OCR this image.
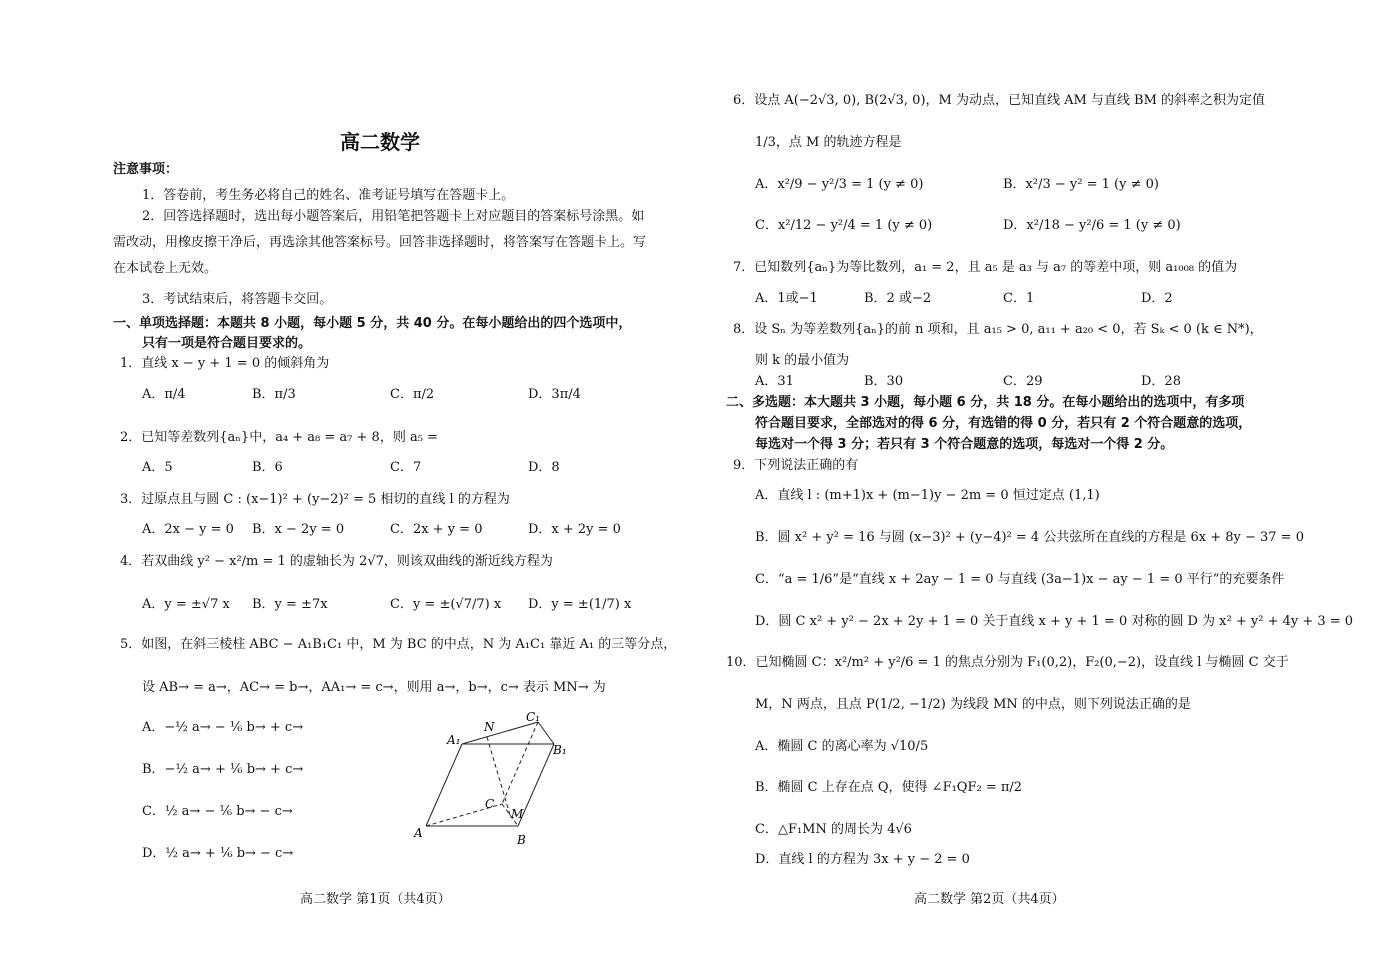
高二数学
注意事项：
1．答卷前，考生务必将自己的姓名、准考证号填写在答题卡上。
2．回答选择题时，选出每小题答案后，用铅笔把答题卡上对应题目的答案标号涂黑。如需改动，用橡皮擦干净后，再选涂其他答案标号。回答非选择题时，将答案写在答题卡上。写在本试卷上无效。
3．考试结束后，将答题卡交回。
一、单项选择题：本题共 8 小题，每小题 5 分，共 40 分。在每小题给出的四个选项中，
只有一项是符合题目要求的。
1．直线 x − y + 1 = 0 的倾斜角为
A．π/4	B．π/3	C．π/2	D．3π/4
2．已知等差数列{aₙ}中，a₄ + a₈ = a₇ + 8，则 a₅ =
A．5	B．6	C．7	D．8
3．过原点且与圆 C : (x−1)² + (y−2)² = 5 相切的直线 l 的方程为
A．2x − y = 0 B．x − 2y = 0	C．2x + y = 0	D．x + 2y = 0
4．若双曲线 y² − x²/m = 1 的虚轴长为 2√7，则该双曲线的渐近线方程为
A．y = ±√7 x B．y = ±7x	C．y = ±(√7/7) x D．y = ±(1/7) x
5．如图，在斜三棱柱 ABC − A₁B₁C₁ 中，M 为 BC 的中点，N 为 A₁C₁ 靠近 A₁ 的三等分点，
设 AB→ = a→，AC→ = b→，AA₁→ = c→，则用 a→，b→，c→ 表示 MN→ 为
A．−½ a→ − ⅙ b→ + c→
B．−½ a→ + ⅙ b→ + c→
C．½ a→ − ⅙ b→ − c→
D．½ a→ + ⅙ b→ − c→
A₁
N
C₁
B₁
C
M
A	B
高二数学 第1页（共4页）
6．设点 A(−2√3, 0), B(2√3, 0)，M 为动点，已知直线 AM 与直线 BM 的斜率之积为定值
1/3，点 M 的轨迹方程是
A．x²/9 − y²/3 = 1 (y ≠ 0)	B．x²/3 − y² = 1 (y ≠ 0)
C．x²/12 − y²/4 = 1 (y ≠ 0)	D．x²/18 − y²/6 = 1 (y ≠ 0)
7．已知数列{aₙ}为等比数列，a₁ = 2，且 a₅ 是 a₃ 与 a₇ 的等差中项，则 a₁₀₀₈ 的值为
A．1或−1	B．2 或−2	C．1	D．2
8．设 Sₙ 为等差数列{aₙ}的前 n 项和，且 a₁₅ > 0, a₁₁ + a₂₀ < 0，若 Sₖ < 0 (k ∈ N*)，
则 k 的最小值为
A．31	B．30	C．29	D．28
二、多选题：本大题共 3 小题，每小题 6 分，共 18 分。在每小题给出的选项中，有多项
符合题目要求，全部选对的得 6 分，有选错的得 0 分，若只有 2 个符合题意的选项，
每选对一个得 3 分；若只有 3 个符合题意的选项，每选对一个得 2 分。
9．下列说法正确的有
A．直线 l : (m+1)x + (m−1)y − 2m = 0 恒过定点 (1,1)
B．圆 x² + y² = 16 与圆 (x−3)² + (y−4)² = 4 公共弦所在直线的方程是 6x + 8y − 37 = 0
C．“a = 1/6”是“直线 x + 2ay − 1 = 0 与直线 (3a−1)x − ay − 1 = 0 平行”的充要条件
D．圆 C x² + y² − 2x + 2y + 1 = 0 关于直线 x + y + 1 = 0 对称的圆 D 为 x² + y² + 4y + 3 = 0
10．已知椭圆 C：x²/m² + y²/6 = 1 的焦点分别为 F₁(0,2)，F₂(0,−2)，设直线 l 与椭圆 C 交于
M，N 两点，且点 P(1/2, −1/2) 为线段 MN 的中点，则下列说法正确的是
A．椭圆 C 的离心率为 √10/5
B．椭圆 C 上存在点 Q，使得 ∠F₁QF₂ = π/2
C．△F₁MN 的周长为 4√6
D．直线 l 的方程为 3x + y − 2 = 0
高二数学 第2页（共4页）
